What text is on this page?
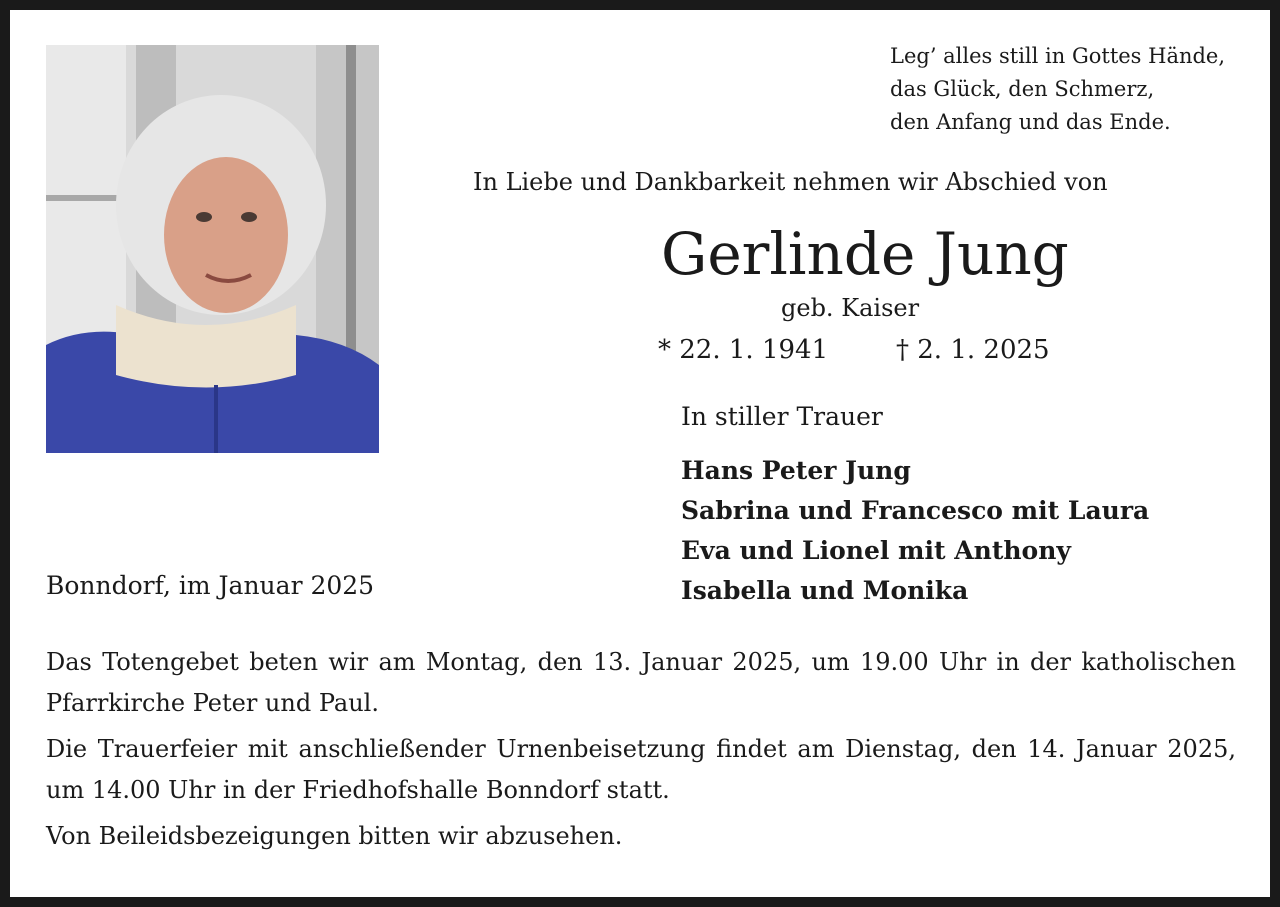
Leg’ alles still in Gottes Hände,
das Glück, den Schmerz,
den Anfang und das Ende.
In Liebe und Dankbarkeit nehmen wir Abschied von
Gerlinde Jung
geb. Kaiser
* 22. 1. 1941	† 2. 1. 2025
In stiller Trauer
Hans Peter Jung
Sabrina und Francesco mit Laura
Eva und Lionel mit Anthony
Isabella und Monika
Bonndorf, im Januar 2025

Das Totengebet beten wir am Montag, den 13. Januar 2025, um 19.00 Uhr in der katholischen Pfarrkirche Peter und Paul.

Die Trauerfeier mit anschließender Urnenbeisetzung findet am Dienstag, den 14. Januar 2025, um 14.00 Uhr in der Friedhofshalle Bonndorf statt.

Von Beileidsbezeigungen bitten wir abzusehen.
